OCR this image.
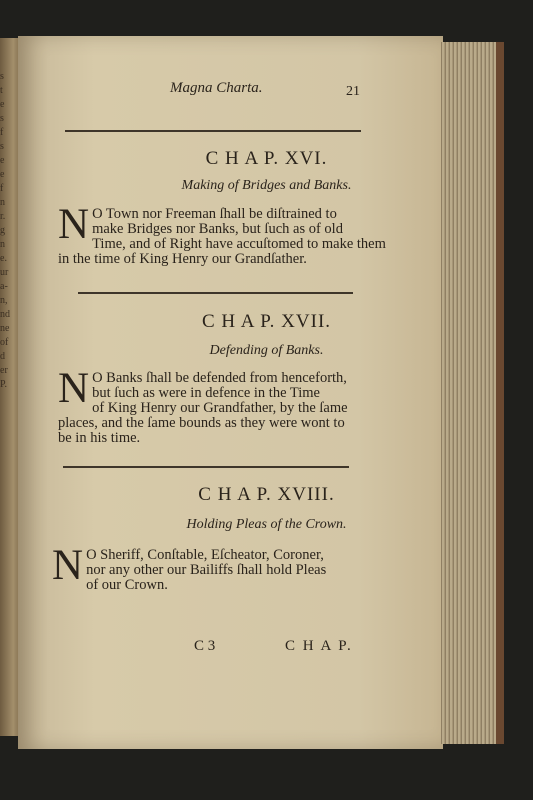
s
t
e
s
f
s
e
e
f
n
r.
g
n
e.
ur
a-
n,
nd
ne
of
d
er
P.
Magna Charta.	21
C H A P. XVI.
Making of Bridges and Banks.
N O Town nor Freeman ſhall be diſtrained to
make Bridges nor Banks, but ſuch as of old
Time, and of Right have accuſtomed to make them
in the time of King Henry our Grandſather.

C H A P. XVII.
Defending of Banks.
N O Banks ſhall be defended from henceforth,
but ſuch as were in defence in the Time
of King Henry our Grandfather, by the ſame
places, and the ſame bounds as they were wont to
be in his time.

C H A P. XVIII.
Holding Pleas of the Crown.
N O Sheriff, Conſtable, Eſcheator, Coroner,
nor any other our Bailiffs ſhall hold Pleas
of our Crown.

C 3	C H A P.
